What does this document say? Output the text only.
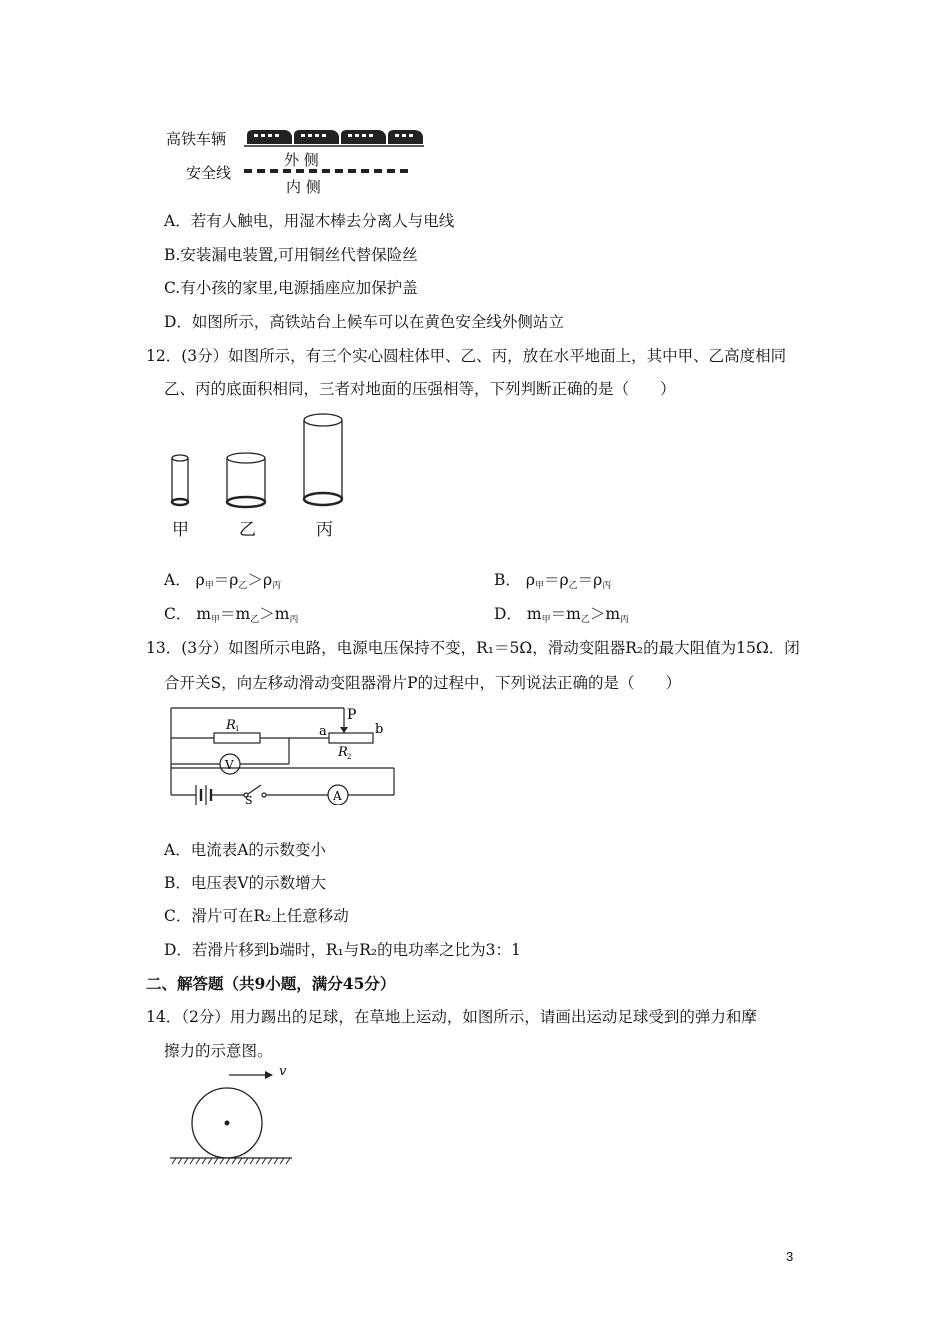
高铁车辆
外 侧
安全线
内 侧
A．若有人触电，用湿木棒去分离人与电线
B.安装漏电装置,可用铜丝代替保险丝
C.有小孩的家里,电源插座应加保护盖
D．如图所示，高铁站台上候车可以在黄色安全线外侧站立
12．(3分）如图所示，有三个实心圆柱体甲、乙、丙，放在水平地面上，其中甲、乙高度相同
乙、丙的底面积相同，三者对地面的压强相等，下列判断正确的是（　　）
甲	乙	丙
A． $\rho_甲=\rho_乙>\rho_丙$	B． $\rho_甲=\rho_乙=\rho_丙$
C． $m_甲=m_乙>m_丙$	D． $m_甲=m_乙>m_丙$
13．(3分）如图所示电路，电源电压保持不变，R₁＝5Ω，滑动变阻器R₂的最大阻值为15Ω．闭
合开关S，向左移动滑动变阻器滑片P的过程中，下列说法正确的是（　　）
R 1
P
a	b
R 2
V
A
S
A．电流表A的示数变小
B．电压表V的示数增大
C．滑片可在R₂上任意移动
D．若滑片移到b端时，R₁与R₂的电功率之比为3：1
二、解答题（共9小题，满分45分）
14．（2分）用力踢出的足球，在草地上运动，如图所示，请画出运动足球受到的弹力和摩
擦力的示意图。
v
3
